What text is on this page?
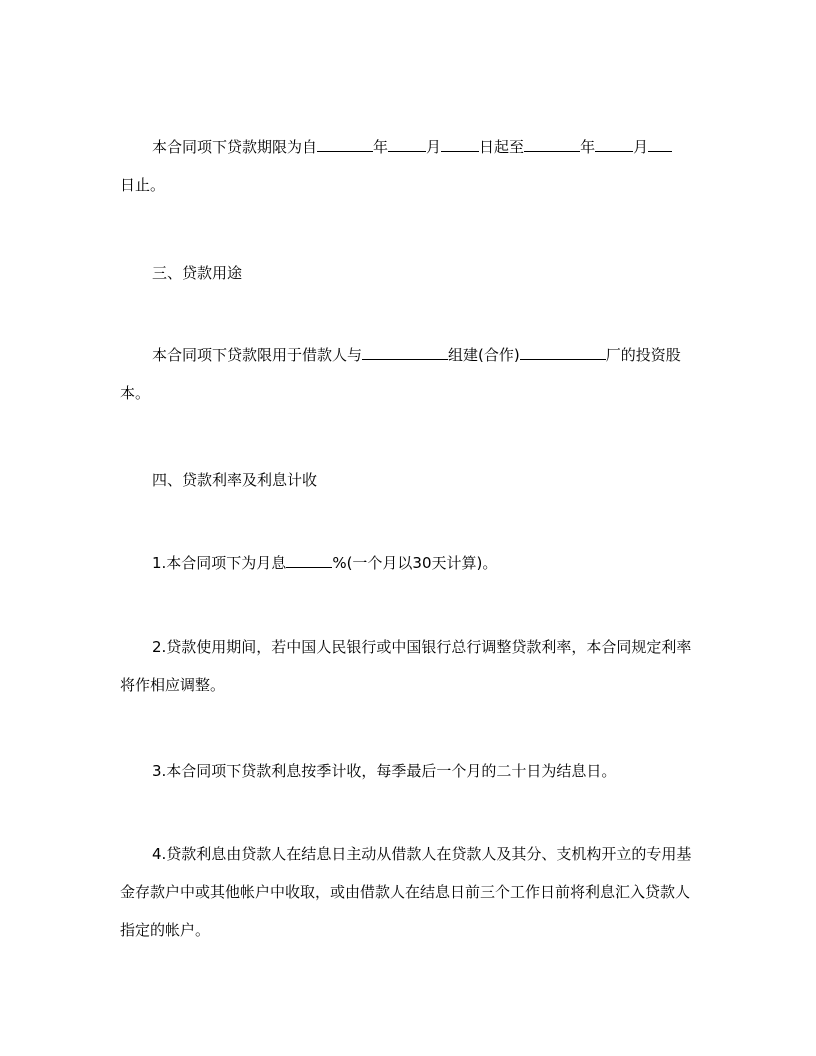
本合同项下贷款期限为自	年	月	日起至	年	月
日止。

三、贷款用途

本合同项下贷款限用于借款人与	组建(合作)	厂的投资股本。

四、贷款利率及利息计收

1.本合同项下为月息	%(一个月以30天计算)。

2.贷款使用期间，若中国人民银行或中国银行总行调整贷款利率，本合同规定利率将作相应调整。

3.本合同项下贷款利息按季计收，每季最后一个月的二十日为结息日。

4.贷款利息由贷款人在结息日主动从借款人在贷款人及其分、支机构开立的专用基金存款户中或其他帐户中收取，或由借款人在结息日前三个工作日前将利息汇入贷款人指定的帐户。
